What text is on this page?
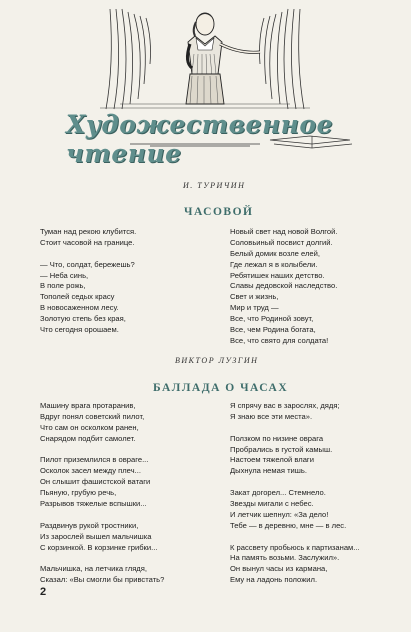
Художественное чтение
И. ТУРИЧИН
ЧАСОВОЙ
Туман над рекою клубится.
Стоит часовой на границе.
— Что, солдат, бережешь?
— Неба синь,
В поле рожь,
Тополей седых красу
В новосаженном лесу.
Золотую степь без края,
Что сегодня орошаем.
Новый свет над новой Волгой.
Соловьиный посвист долгий.
Белый домик возле елей,
Где лежал я в колыбели.
Ребятишек наших детство.
Славы дедовской наследство.
Свет и жизнь,
Мир и труд —
Все, что Родиной зовут,
Все, чем Родина богата,
Все, что свято для солдата!
ВИКТОР ЛУЗГИН
БАЛЛАДА О ЧАСАХ
Машину врага протаранив,
Вдруг понял советский пилот,
Что сам он осколком ранен,
Снарядом подбит самолет.
Пилот приземлился в овраге...
Осколок засел между плеч...
Он слышит фашистской ватаги
Пьяную, грубую речь,
Разрывов тяжелые вспышки...
Раздвинув рукой тростники,
Из зарослей вышел мальчишка
С корзинкой. В корзинке грибки...
Мальчишка, на летчика глядя,
Сказал: «Вы смогли бы привстать?
Я спрячу вас в зарослях, дядя;
Я знаю все эти места».
Ползком по низине оврага
Пробрались в густой камыш.
Настоем тяжелой влаги
Дыхнула немая тишь.
Закат догорел... Стемнело.
Звезды мигали с небес.
И летчик шепнул: «За дело!
Тебе — в деревню, мне — в лес.
К рассвету пробьюсь к партизанам...
На память возьми. Заслужил».
Он вынул часы из кармана,
Ему на ладонь положил.
2
